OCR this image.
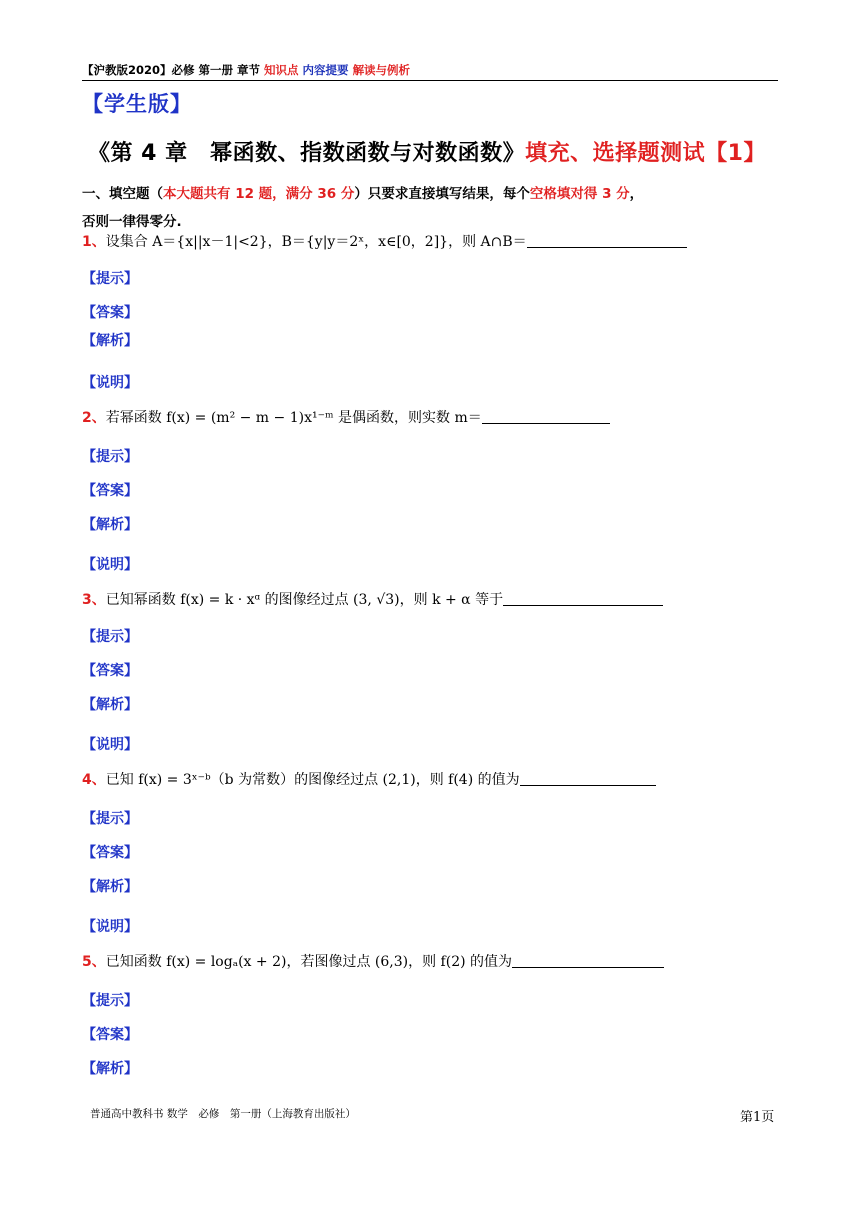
【沪教版2020】必修 第一册 章节 知识点 内容提要 解读与例析
【学生版】
《第 4 章　幂函数、指数函数与对数函数》填充、选择题测试【1】
一、填空题（本大题共有 12 题，满分 36 分）只要求直接填写结果，每个空格填对得 3 分，
否则一律得零分.
1、设集合 A＝{x||x－1|<2}，B＝{y|y＝2ˣ，x∈[0，2]}，则 A∩B＝
【提示】
【答案】
【解析】
【说明】
2、若幂函数 f(x) = (m² − m − 1)x¹⁻ᵐ 是偶函数，则实数 m＝
【提示】
【答案】
【解析】
【说明】
3、已知幂函数 f(x) = k · xᵅ 的图像经过点 (3, √3)，则 k + α 等于
【提示】
【答案】
【解析】
【说明】
4、已知 f(x) = 3ˣ⁻ᵇ（b 为常数）的图像经过点 (2,1)，则 f(4) 的值为
【提示】
【答案】
【解析】
【说明】
5、已知函数 f(x) = logₐ(x + 2)，若图像过点 (6,3)，则 f(2) 的值为
【提示】
【答案】
【解析】
普通高中教科书 数学　必修　第一册（上海教育出版社）	第1页
